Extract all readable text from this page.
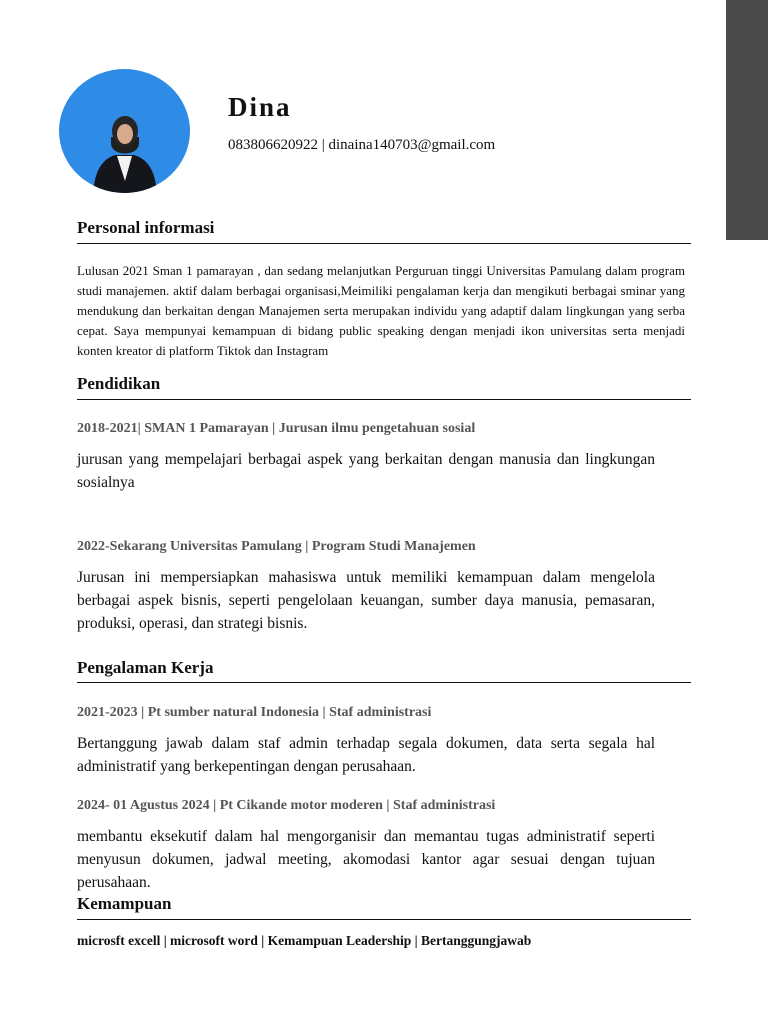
Dina
083806620922 | dinaina140703@gmail.com
Personal informasi

Lulusan 2021 Sman 1 pamarayan , dan sedang melanjutkan Perguruan tinggi Universitas Pamulang dalam program studi manajemen. aktif dalam berbagai organisasi,Meimiliki pengalaman kerja dan mengikuti berbagai sminar yang mendukung dan berkaitan dengan Manajemen serta merupakan individu yang adaptif dalam lingkungan yang serba cepat. Saya mempunyai kemampuan di bidang public speaking dengan menjadi ikon universitas serta menjadi konten kreator di platform Tiktok dan Instagram

Pendidikan

2018-2021| SMAN 1 Pamarayan | Jurusan ilmu pengetahuan sosial

jurusan yang mempelajari berbagai aspek yang berkaitan dengan manusia dan lingkungan sosialnya

2022-Sekarang Universitas Pamulang | Program Studi Manajemen

Jurusan ini mempersiapkan mahasiswa untuk memiliki kemampuan dalam mengelola berbagai aspek bisnis, seperti pengelolaan keuangan, sumber daya manusia, pemasaran, produksi, operasi, dan strategi bisnis.

Pengalaman Kerja

2021-2023 | Pt sumber natural Indonesia | Staf administrasi

Bertanggung jawab dalam staf admin terhadap segala dokumen, data serta segala hal administratif yang berkepentingan dengan perusahaan.

2024- 01 Agustus 2024 | Pt Cikande motor moderen | Staf administrasi

membantu eksekutif dalam hal mengorganisir dan memantau tugas administratif seperti menyusun dokumen, jadwal meeting, akomodasi kantor agar sesuai dengan tujuan perusahaan.

Kemampuan

microsft excell | microsoft word | Kemampuan Leadership | Bertanggungjawab
